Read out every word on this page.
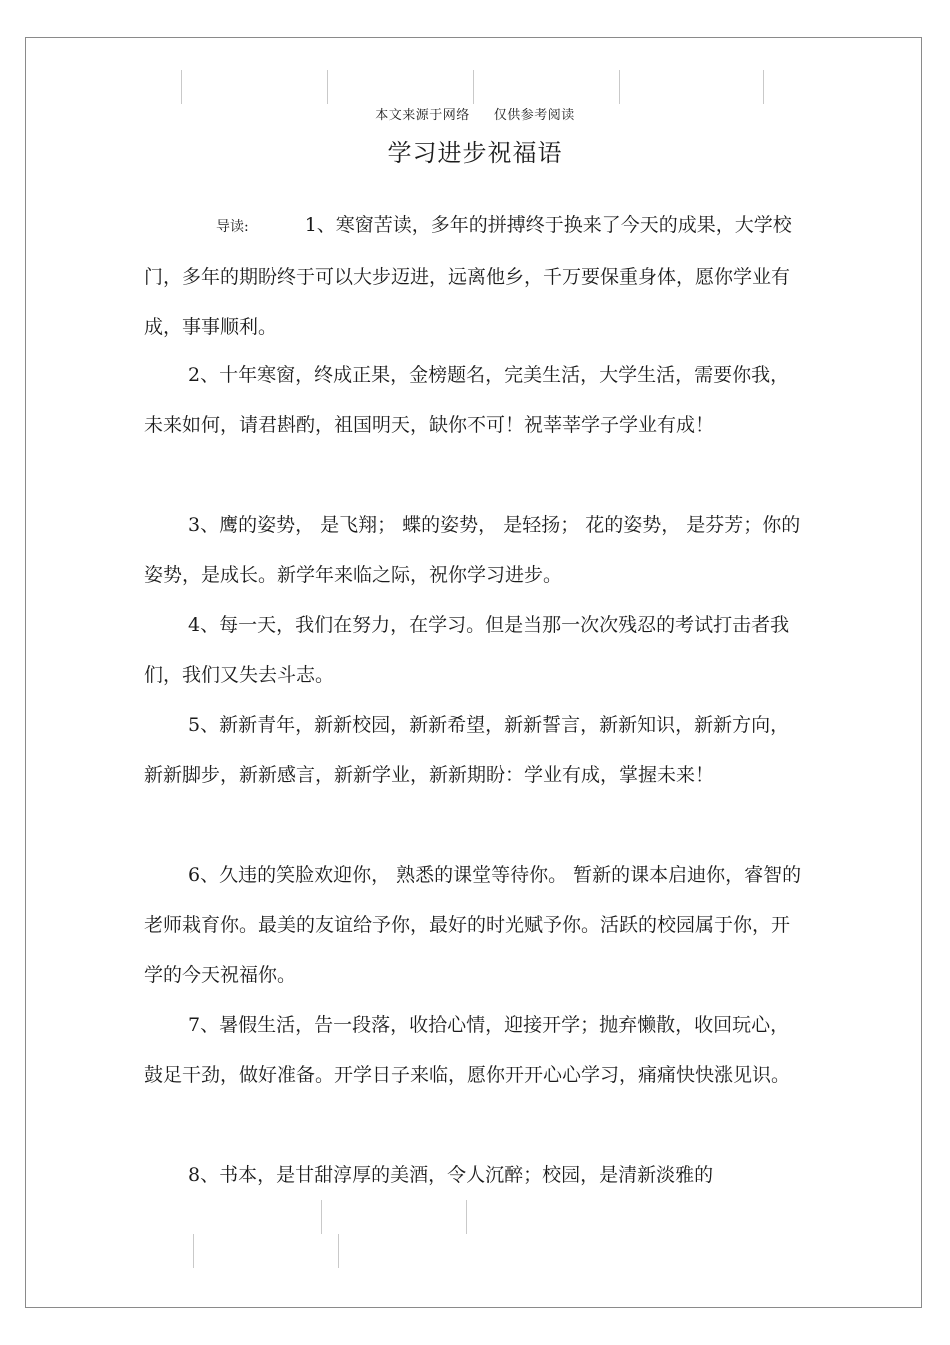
本文来源于网络 仅供参考阅读
学习进步祝福语

导读:	1、寒窗苦读，多年的拼搏终于换来了今天的成果，大学校门，多年的期盼终于可以大步迈进，远离他乡，千万要保重身体，愿你学业有成，事事顺利。

2、十年寒窗，终成正果，金榜题名，完美生活，大学生活，需要你我，未来如何，请君斟酌，祖国明天，缺你不可！祝莘莘学子学业有成！

3、鹰的姿势， 是飞翔； 蝶的姿势， 是轻扬； 花的姿势， 是芬芳；你的姿势，是成长。新学年来临之际，祝你学习进步。

4、每一天，我们在努力，在学习。但是当那一次次残忍的考试打击者我们，我们又失去斗志。

5、新新青年，新新校园，新新希望，新新誓言，新新知识，新新方向，新新脚步，新新感言，新新学业，新新期盼：学业有成，掌握未来！

6、久违的笑脸欢迎你， 熟悉的课堂等待你。 暂新的课本启迪你，睿智的老师栽育你。最美的友谊给予你，最好的时光赋予你。活跃的校园属于你，开学的今天祝福你。

7、暑假生活，告一段落，收拾心情，迎接开学；抛弃懒散，收回玩心，鼓足干劲，做好准备。开学日子来临，愿你开开心心学习，痛痛快快涨见识。

8、书本，是甘甜淳厚的美酒，令人沉醉；校园，是清新淡雅的
